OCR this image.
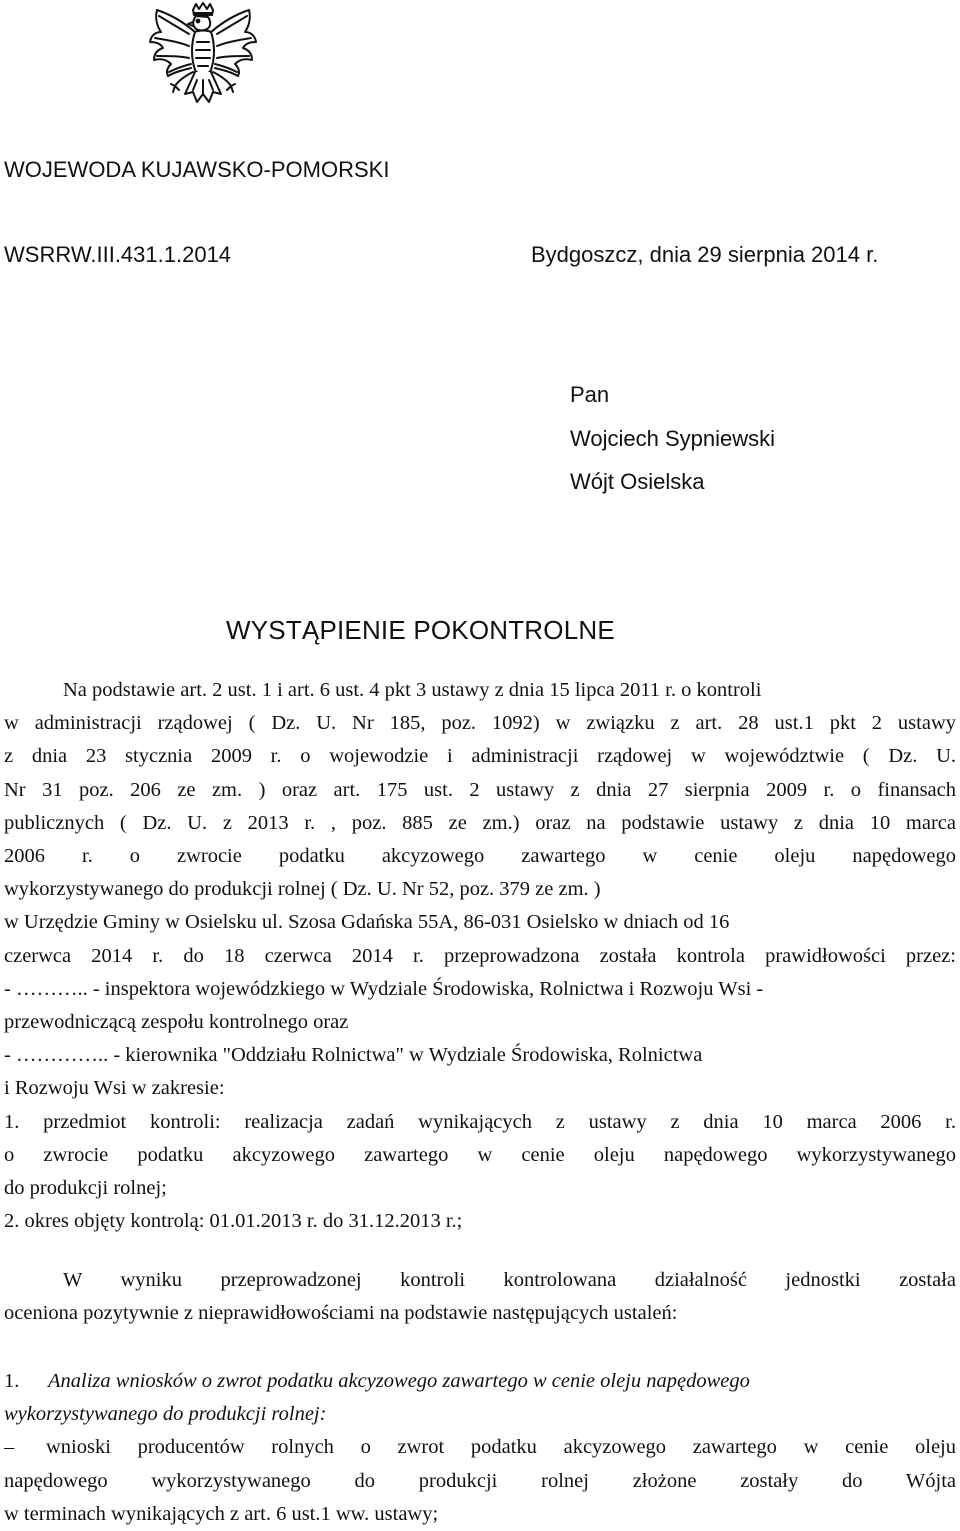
WOJEWODA KUJAWSKO-POMORSKI
WSRRW.III.431.1.2014	Bydgoszcz, dnia 29 sierpnia 2014 r.
Pan
Wojciech Sypniewski
Wójt Osielska
WYSTĄPIENIE POKONTROLNE

Na podstawie art. 2 ust. 1 i art. 6 ust. 4 pkt 3 ustawy z dnia 15 lipca 2011 r. o kontroli

w administracji rządowej ( Dz. U. Nr 185, poz. 1092) w związku z art. 28 ust.1 pkt 2 ustawy

z dnia 23 stycznia 2009 r. o wojewodzie i administracji rządowej w województwie ( Dz. U.

Nr 31 poz. 206 ze zm. ) oraz art. 175 ust. 2 ustawy z dnia 27 sierpnia 2009 r. o finansach

publicznych ( Dz. U. z 2013 r. , poz. 885 ze zm.) oraz na podstawie ustawy z dnia 10 marca

2006 r. o zwrocie podatku akcyzowego zawartego w cenie oleju napędowego

wykorzystywanego do produkcji rolnej ( Dz. U. Nr 52, poz. 379 ze zm. )

w Urzędzie Gminy w Osielsku ul. Szosa Gdańska 55A, 86-031 Osielsko w dniach od 16

czerwca 2014 r. do 18 czerwca 2014 r. przeprowadzona została kontrola prawidłowości przez:

- ……….. - inspektora wojewódzkiego w Wydziale Środowiska, Rolnictwa i Rozwoju Wsi -

przewodniczącą zespołu kontrolnego oraz

- ………….. - kierownika "Oddziału Rolnictwa" w Wydziale Środowiska, Rolnictwa

i Rozwoju Wsi w zakresie:

1. przedmiot kontroli: realizacja zadań wynikających z ustawy z dnia 10 marca 2006 r.

o zwrocie podatku akcyzowego zawartego w cenie oleju napędowego wykorzystywanego

do produkcji rolnej;

2. okres objęty kontrolą: 01.01.2013 r. do 31.12.2013 r.;

W wyniku przeprowadzonej kontroli kontrolowana działalność jednostki została

oceniona pozytywnie z nieprawidłowościami na podstawie następujących ustaleń:

1. Analiza wniosków o zwrot podatku akcyzowego zawartego w cenie oleju napędowego

wykorzystywanego do produkcji rolnej:

– wnioski producentów rolnych o zwrot podatku akcyzowego zawartego w cenie oleju

napędowego wykorzystywanego do produkcji rolnej złożone zostały do Wójta

w terminach wynikających z art. 6 ust.1 ww. ustawy;
